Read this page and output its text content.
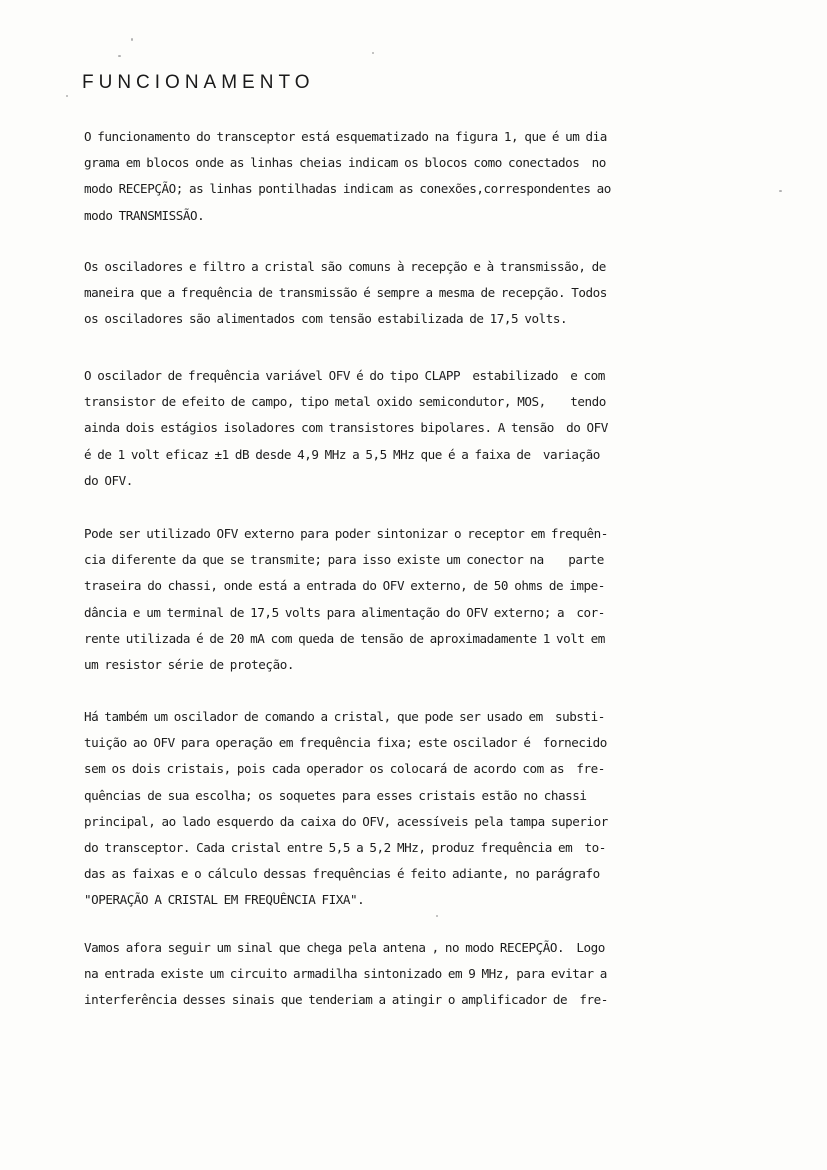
FUNCIONAMENTO
O funcionamento do transceptor está esquematizado na figura 1, que é um dia
grama em blocos onde as linhas cheias indicam os blocos como conectados  no
modo RECEPÇÃO; as linhas pontilhadas indicam as conexões,correspondentes ao
modo TRANSMISSÃO.
Os osciladores e filtro a cristal são comuns à recepção e à transmissão, de
maneira que a frequência de transmissão é sempre a mesma de recepção. Todos
os osciladores são alimentados com tensão estabilizada de 17,5 volts.
O oscilador de frequência variável OFV é do tipo CLAPP  estabilizado  e com
transistor de efeito de campo, tipo metal oxido semicondutor, MOS,    tendo
ainda dois estágios isoladores com transistores bipolares. A tensão  do OFV
é de 1 volt eficaz ±1 dB desde 4,9 MHz a 5,5 MHz que é a faixa de  variação
do OFV.
Pode ser utilizado OFV externo para poder sintonizar o receptor em frequên-
cia diferente da que se transmite; para isso existe um conector na    parte
traseira do chassi, onde está a entrada do OFV externo, de 50 ohms de impe-
dância e um terminal de 17,5 volts para alimentação do OFV externo; a  cor-
rente utilizada é de 20 mA com queda de tensão de aproximadamente 1 volt em
um resistor série de proteção.
Há também um oscilador de comando a cristal, que pode ser usado em  substi-
tuição ao OFV para operação em frequência fixa; este oscilador é  fornecido
sem os dois cristais, pois cada operador os colocará de acordo com as  fre-
quências de sua escolha; os soquetes para esses cristais estão no chassi
principal, ao lado esquerdo da caixa do OFV, acessíveis pela tampa superior
do transceptor. Cada cristal entre 5,5 a 5,2 MHz, produz frequência em  to-
das as faixas e o cálculo dessas frequências é feito adiante, no parágrafo
"OPERAÇÃO A CRISTAL EM FREQUÊNCIA FIXA".
Vamos afora seguir um sinal que chega pela antena , no modo RECEPÇÃO.  Logo
na entrada existe um circuito armadilha sintonizado em 9 MHz, para evitar a
interferência desses sinais que tenderiam a atingir o amplificador de  fre-
